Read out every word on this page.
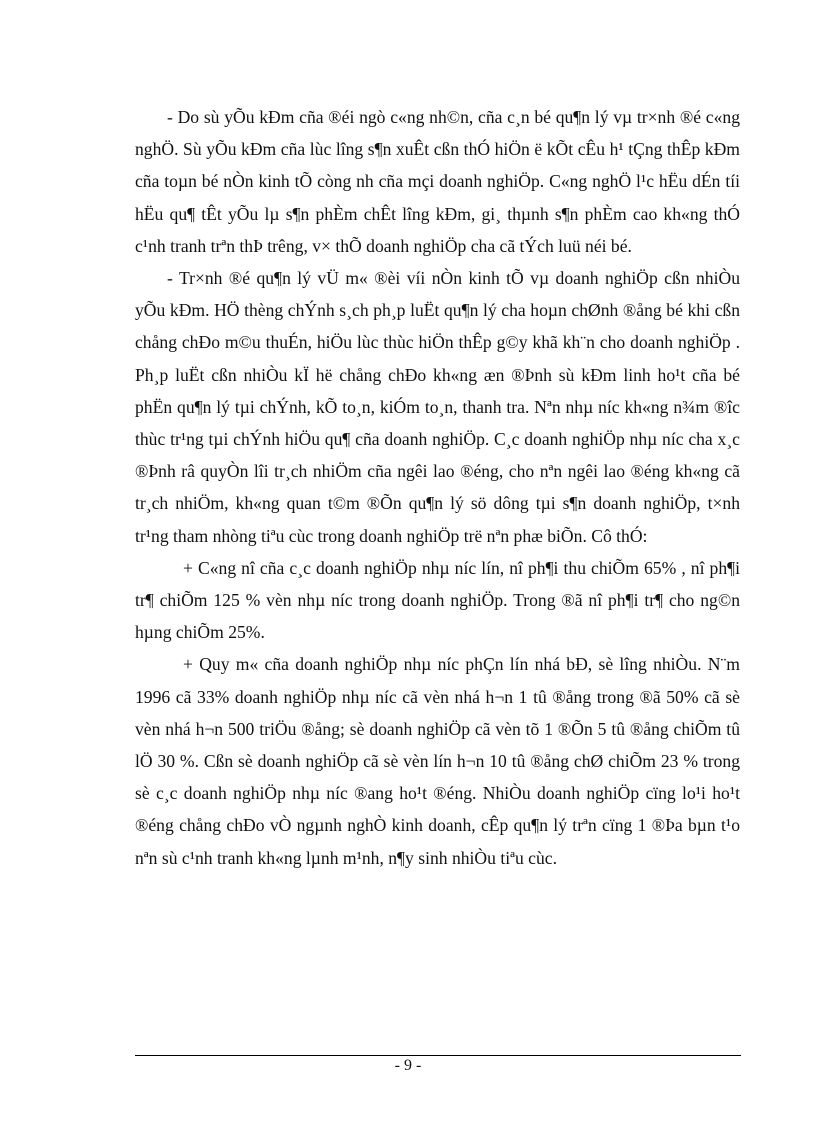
- Do sù yÕu kÐm cña ®éi ngò c«ng nh©n, cña c¸n bé qu¶n lý vµ tr×nh ®é c«ng nghÖ. Sù yÕu kÐm cña lùc lîng s¶n xuÊt cßn thÓ hiÖn ë kÕt cÊu h¹ tÇng thÊp kÐm cña toµn bé nÒn kinh tÕ còng nh cña mçi doanh nghiÖp. C«ng nghÖ l¹c hËu dÉn tíi hËu qu¶ tÊt yÕu lµ s¶n phÈm chÊt lîng kÐm, gi¸ thµnh s¶n phÈm cao kh«ng thÓ c¹nh tranh trªn thÞ trêng, v× thÕ doanh nghiÖp cha cã tÝch luü néi bé.

- Tr×nh ®é qu¶n lý vÜ m« ®èi víi nÒn kinh tÕ vµ doanh nghiÖp cßn nhiÒu yÕu kÐm. HÖ thèng chÝnh s¸ch ph¸p luËt qu¶n lý cha hoµn chØnh ®ång bé khi cßn chång chÐo m©u thuÉn, hiÖu lùc thùc hiÖn thÊp g©y khã kh¨n cho doanh nghiÖp . Ph¸p luËt cßn nhiÒu kÏ hë chång chÐo kh«ng æn ®Þnh sù kÐm linh ho¹t cña bé phËn qu¶n lý tµi chÝnh, kÕ to¸n, kiÓm to¸n, thanh tra. Nªn nhµ níc kh«ng n¾m ®îc thùc tr¹ng tµi chÝnh hiÖu qu¶ cña doanh nghiÖp. C¸c doanh nghiÖp nhµ níc cha x¸c ®Þnh râ quyÒn lîi tr¸ch nhiÖm cña ngêi lao ®éng, cho nªn ngêi lao ®éng kh«ng cã tr¸ch nhiÖm, kh«ng quan t©m ®Õn qu¶n lý sö dông tµi s¶n doanh nghiÖp, t×nh tr¹ng tham nhòng tiªu cùc trong doanh nghiÖp trë nªn phæ biÕn. Cô thÓ:

+ C«ng nî cña c¸c doanh nghiÖp nhµ níc lín, nî ph¶i thu chiÕm 65% , nî ph¶i tr¶ chiÕm 125 % vèn nhµ níc trong doanh nghiÖp. Trong ®ã nî ph¶i tr¶ cho ng©n hµng chiÕm 25%.

+ Quy m« cña doanh nghiÖp nhµ níc phÇn lín nhá bÐ, sè lîng nhiÒu. N¨m 1996 cã 33% doanh nghiÖp nhµ níc cã vèn nhá h¬n 1 tû ®ång trong ®ã 50% cã sè vèn nhá h¬n 500 triÖu ®ång; sè doanh nghiÖp cã vèn tõ 1 ®Õn 5 tû ®ång chiÕm tû lÖ 30 %. Cßn sè doanh nghiÖp cã sè vèn lín h¬n 10 tû ®ång chØ chiÕm 23 % trong sè c¸c doanh nghiÖp nhµ níc ®ang ho¹t ®éng. NhiÒu doanh nghiÖp cïng lo¹i ho¹t ®éng chång chÐo vÒ ngµnh nghÒ kinh doanh, cÊp qu¶n lý trªn cïng 1 ®Þa bµn t¹o nªn sù c¹nh tranh kh«ng lµnh m¹nh, n¶y sinh nhiÒu tiªu cùc.

- 9 -
